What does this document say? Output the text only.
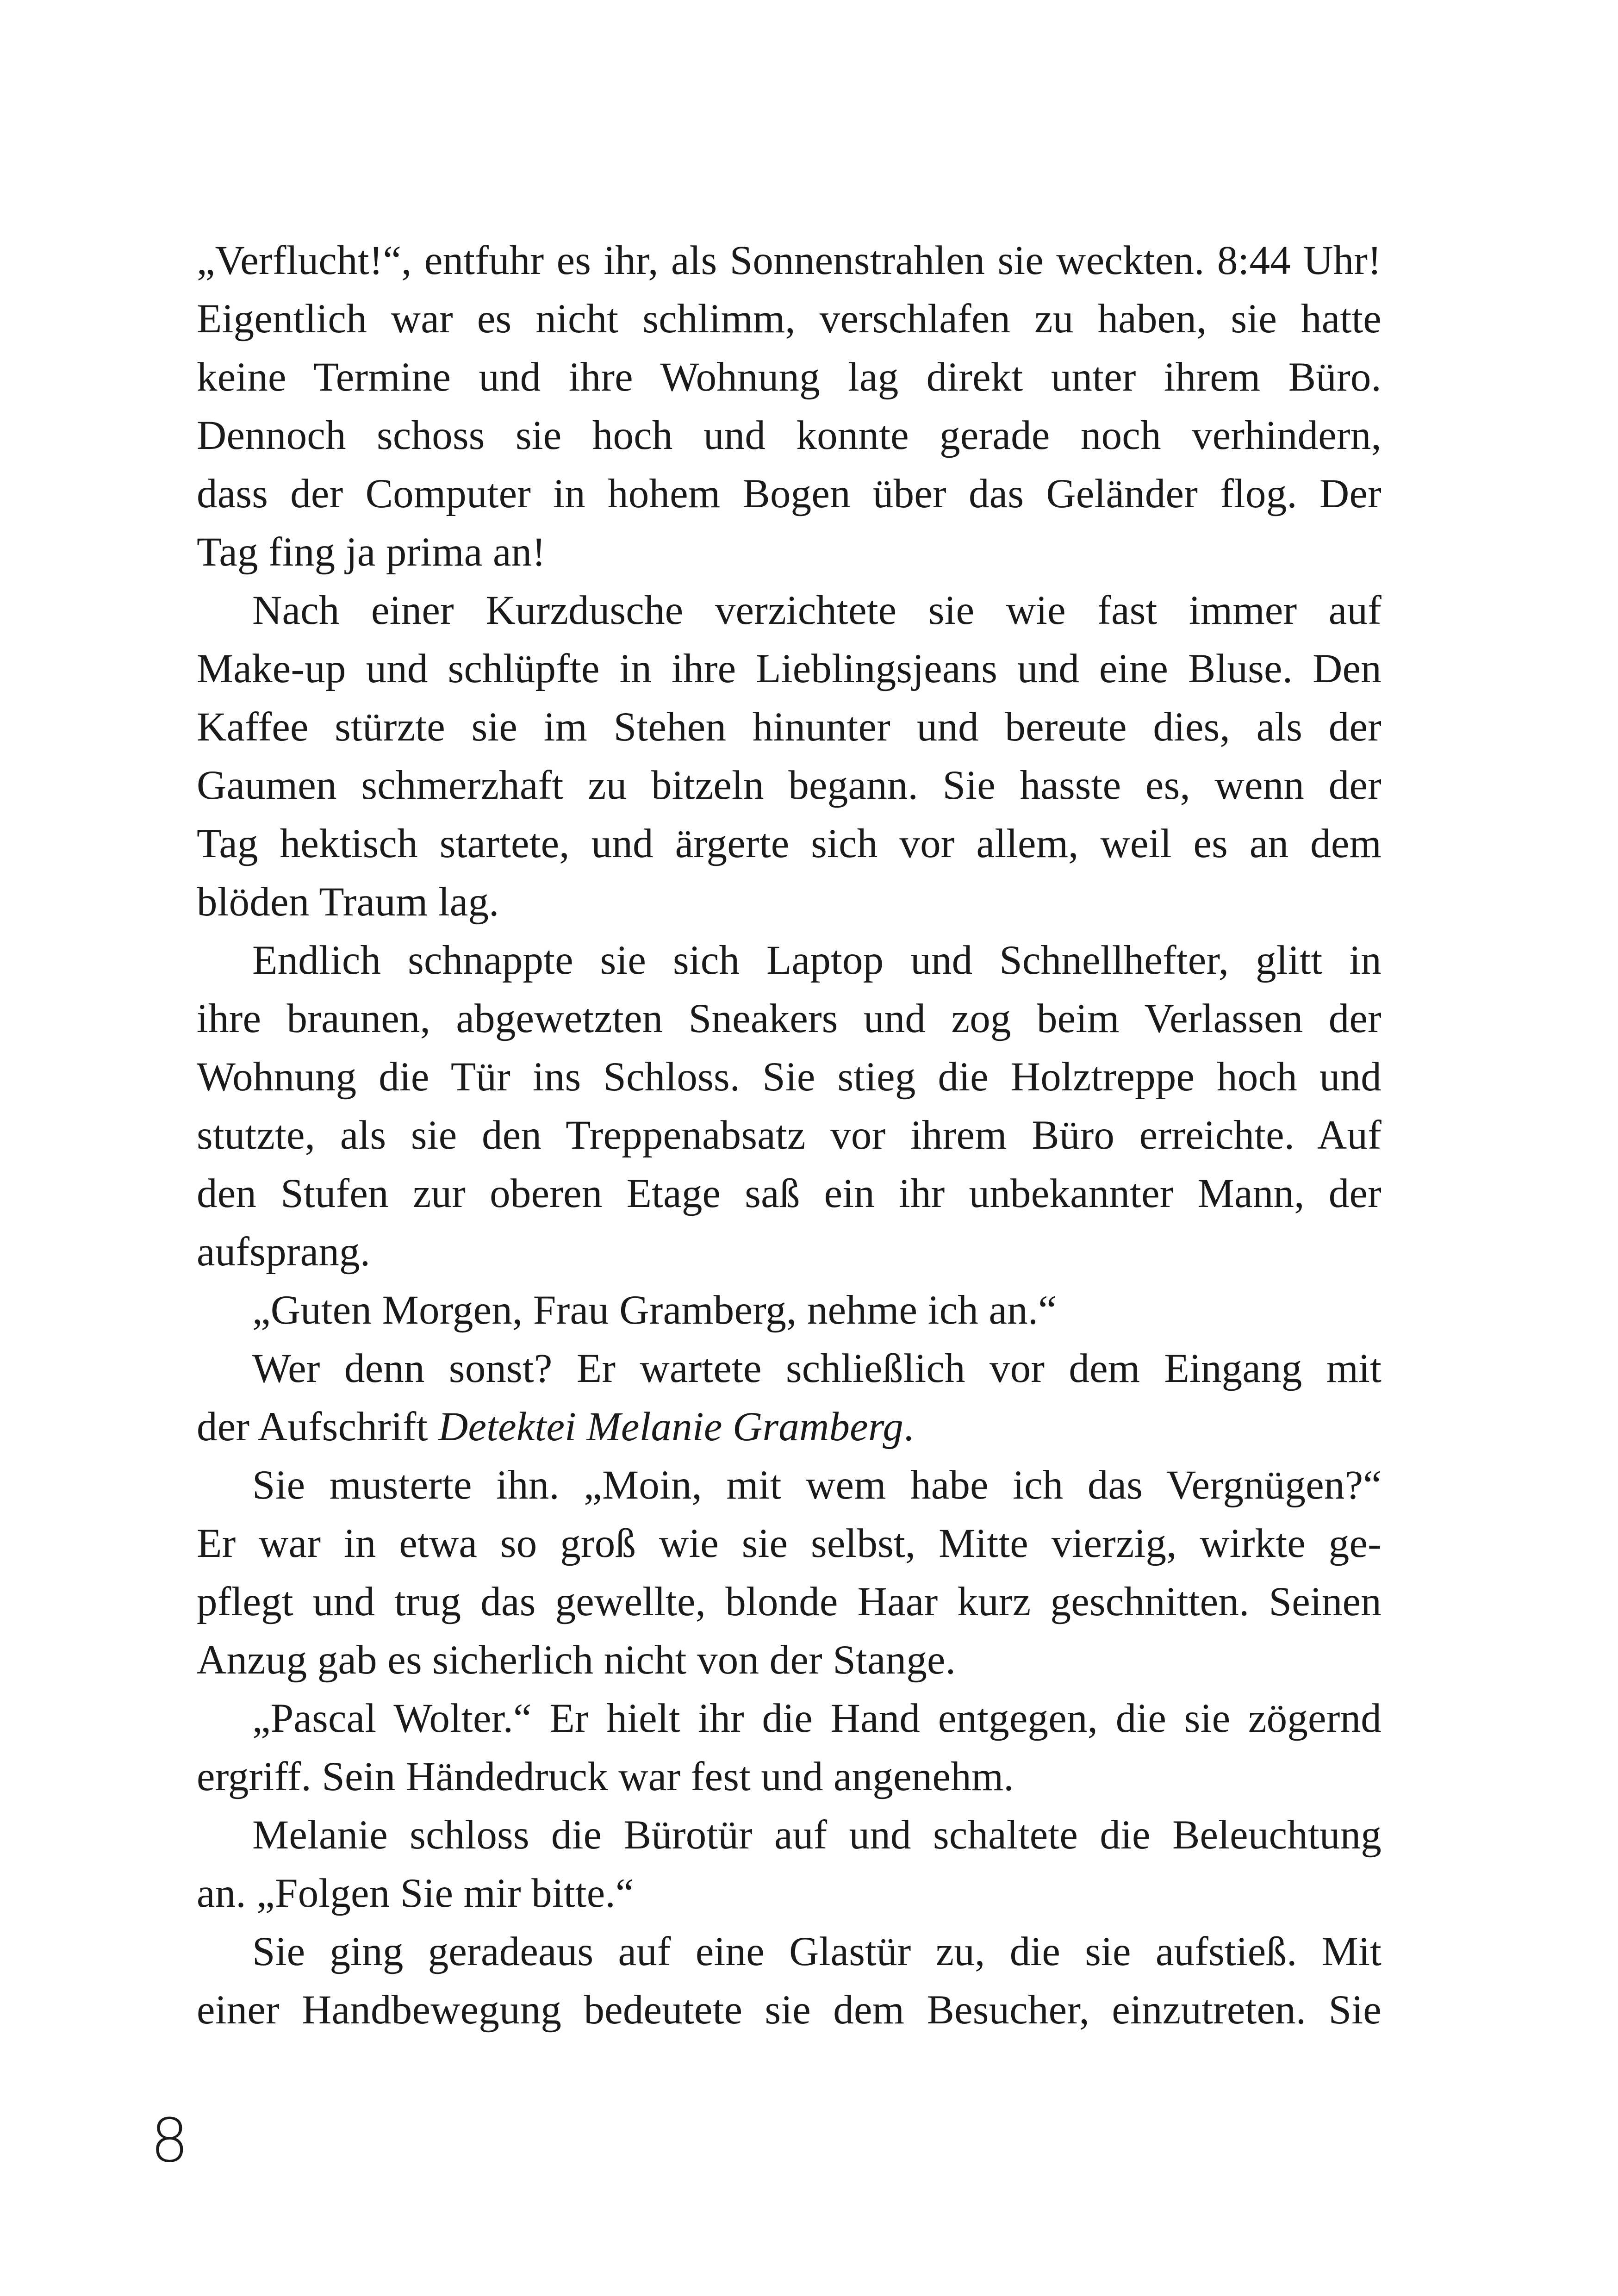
„Verflucht!“, entfuhr es ihr, als Sonnenstrahlen sie weckten. 8:44 Uhr!
Eigentlich war es nicht schlimm, verschlafen zu haben, sie hatte
keine Termine und ihre Wohnung lag direkt unter ihrem Büro.
Dennoch schoss sie hoch und konnte gerade noch verhindern,
dass der Computer in hohem Bogen über das Geländer flog. Der
Tag fing ja prima an!
Nach einer Kurzdusche verzichtete sie wie fast immer auf
Make-up und schlüpfte in ihre Lieblingsjeans und eine Bluse. Den
Kaffee stürzte sie im Stehen hinunter und bereute dies, als der
Gaumen schmerzhaft zu bitzeln begann. Sie hasste es, wenn der
Tag hektisch startete, und ärgerte sich vor allem, weil es an dem
blöden Traum lag.
Endlich schnappte sie sich Laptop und Schnellhefter, glitt in
ihre braunen, abgewetzten Sneakers und zog beim Verlassen der
Wohnung die Tür ins Schloss. Sie stieg die Holztreppe hoch und
stutzte, als sie den Treppenabsatz vor ihrem Büro erreichte. Auf
den Stufen zur oberen Etage saß ein ihr unbekannter Mann, der
aufsprang.
„Guten Morgen, Frau Gramberg, nehme ich an.“
Wer denn sonst? Er wartete schließlich vor dem Eingang mit
der Aufschrift Detektei Melanie Gramberg.
Sie musterte ihn. „Moin, mit wem habe ich das Vergnügen?“
Er war in etwa so groß wie sie selbst, Mitte vierzig, wirkte ge-
pflegt und trug das gewellte, blonde Haar kurz geschnitten. Seinen
Anzug gab es sicherlich nicht von der Stange.
„Pascal Wolter.“ Er hielt ihr die Hand entgegen, die sie zögernd
ergriff. Sein Händedruck war fest und angenehm.
Melanie schloss die Bürotür auf und schaltete die Beleuchtung
an. „Folgen Sie mir bitte.“
Sie ging geradeaus auf eine Glastür zu, die sie aufstieß. Mit
einer Handbewegung bedeutete sie dem Besucher, einzutreten. Sie
8
